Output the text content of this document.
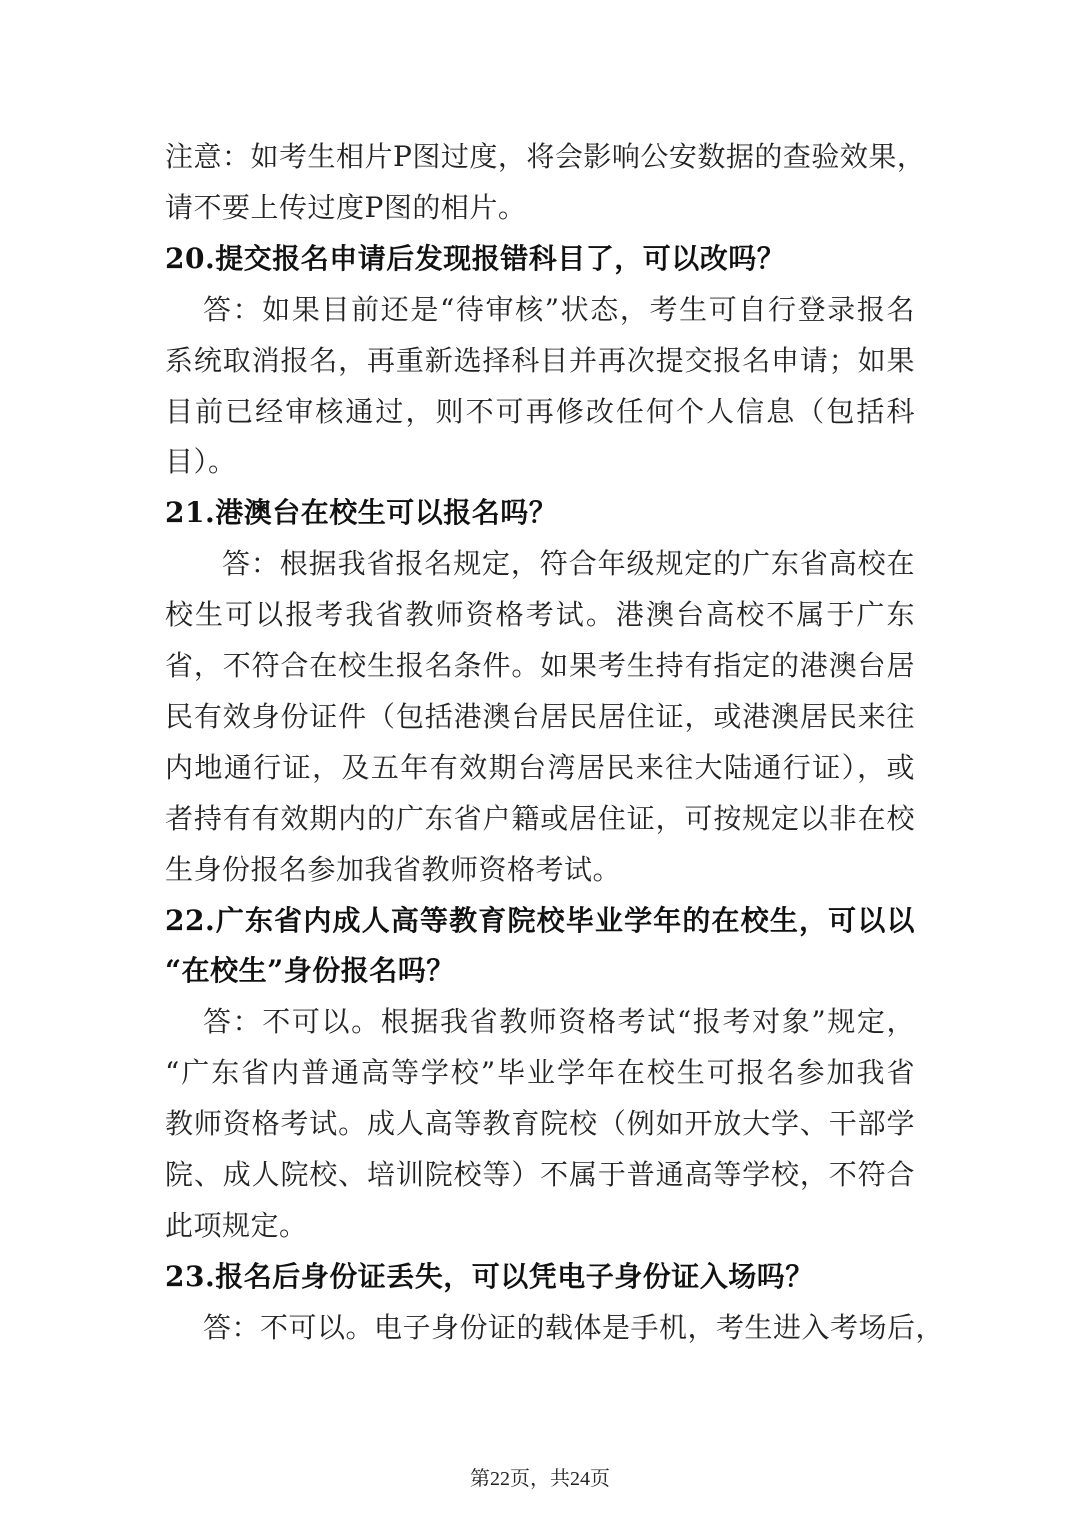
注意：如考生相片P图过度，将会影响公安数据的查验效果，
请不要上传过度P图的相片。
20.提交报名申请后发现报错科目了，可以改吗？
答：如果目前还是“待审核”状态，考生可自行登录报名
系统取消报名，再重新选择科目并再次提交报名申请；如果
目前已经审核通过，则不可再修改任何个人信息（包括科
目）。
21.港澳台在校生可以报名吗？
答：根据我省报名规定，符合年级规定的广东省高校在
校生可以报考我省教师资格考试。港澳台高校不属于广东
省，不符合在校生报名条件。如果考生持有指定的港澳台居
民有效身份证件（包括港澳台居民居住证，或港澳居民来往
内地通行证，及五年有效期台湾居民来往大陆通行证），或
者持有有效期内的广东省户籍或居住证，可按规定以非在校
生身份报名参加我省教师资格考试。
22.广东省内成人高等教育院校毕业学年的在校生，可以以
“在校生”身份报名吗？
答：不可以。根据我省教师资格考试“报考对象”规定，
“广东省内普通高等学校”毕业学年在校生可报名参加我省
教师资格考试。成人高等教育院校（例如开放大学、干部学
院、成人院校、培训院校等）不属于普通高等学校，不符合
此项规定。
23.报名后身份证丢失，可以凭电子身份证入场吗？
答：不可以。电子身份证的载体是手机，考生进入考场后，
第22页，共24页
